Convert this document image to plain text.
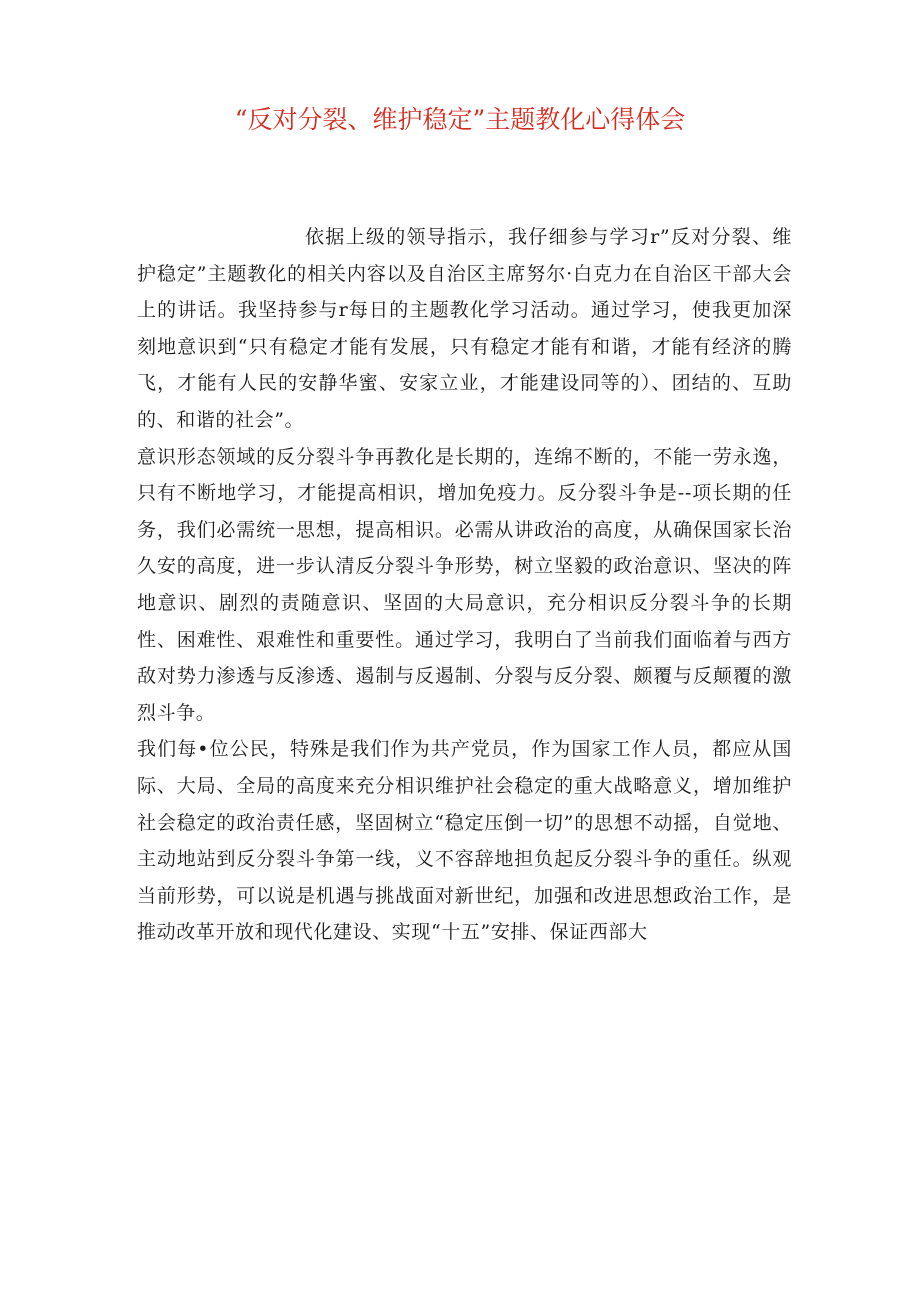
“反对分裂、维护稳定”主题教化心得体会

依据上级的领导指示，我仔细参与学习r”反对分裂、维护稳定”主题教化的相关内容以及自治区主席努尔·白克力在自治区干部大会上的讲话。我坚持参与r每日的主题教化学习活动。通过学习，使我更加深刻地意识到“只有稳定才能有发展，只有稳定才能有和谐，才能有经济的腾飞，才能有人民的安静华蜜、安家立业，才能建设同等的）、团结的、互助的、和谐的社会”。

意识形态领域的反分裂斗争再教化是长期的，连绵不断的，不能一劳永逸，只有不断地学习，才能提高相识，增加免疫力。反分裂斗争是--项长期的任务，我们必需统一思想，提高相识。必需从讲政治的高度，从确保国家长治久安的高度，进一步认清反分裂斗争形势，树立坚毅的政治意识、坚决的阵地意识、剧烈的责随意识、坚固的大局意识，充分相识反分裂斗争的长期性、困难性、艰难性和重要性。通过学习，我明白了当前我们面临着与西方敌对势力渗透与反渗透、遏制与反遏制、分裂与反分裂、颇覆与反颠覆的激烈斗争。

我们每•位公民，特殊是我们作为共产党员，作为国家工作人员，都应从国际、大局、全局的高度来充分相识维护社会稳定的重大战略意义，增加维护社会稳定的政治责任感，坚固树立“稳定压倒一切”的思想不动摇，自觉地、主动地站到反分裂斗争第一线，义不容辞地担负起反分裂斗争的重任。纵观当前形势，可以说是机遇与挑战面对新世纪，加强和改进思想政治工作，是推动改革开放和现代化建设、实现“十五”安排、保证西部大
